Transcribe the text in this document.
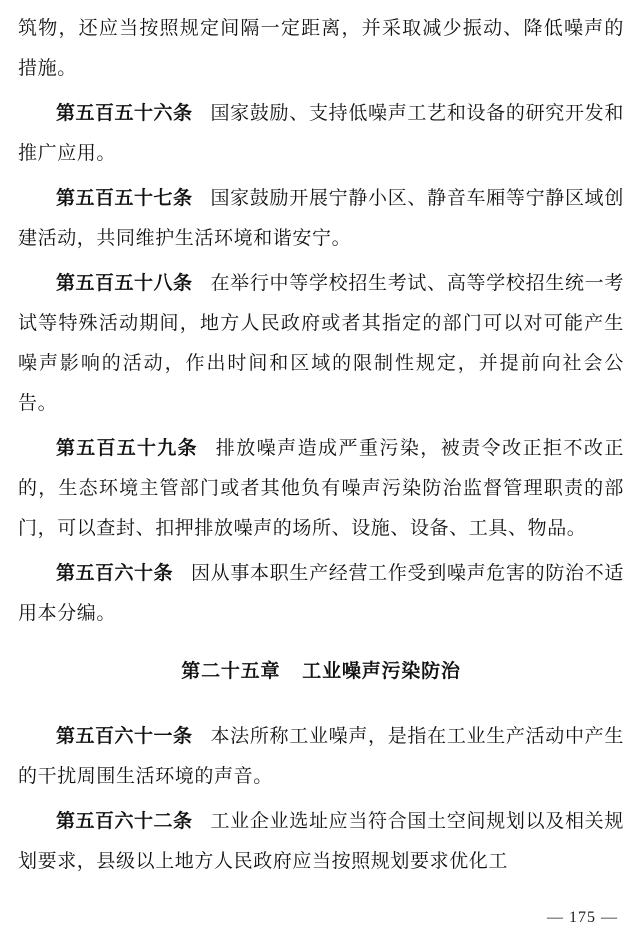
筑物，还应当按照规定间隔一定距离，并采取减少振动、降低噪声的措施。

第五百五十六条 国家鼓励、支持低噪声工艺和设备的研究开发和推广应用。

第五百五十七条 国家鼓励开展宁静小区、静音车厢等宁静区域创建活动，共同维护生活环境和谐安宁。

第五百五十八条 在举行中等学校招生考试、高等学校招生统一考试等特殊活动期间，地方人民政府或者其指定的部门可以对可能产生噪声影响的活动，作出时间和区域的限制性规定，并提前向社会公告。

第五百五十九条 排放噪声造成严重污染，被责令改正拒不改正的，生态环境主管部门或者其他负有噪声污染防治监督管理职责的部门，可以查封、扣押排放噪声的场所、设施、设备、工具、物品。

第五百六十条 因从事本职生产经营工作受到噪声危害的防治不适用本分编。

第二十五章 工业噪声污染防治

第五百六十一条 本法所称工业噪声，是指在工业生产活动中产生的干扰周围生活环境的声音。

第五百六十二条 工业企业选址应当符合国土空间规划以及相关规划要求，县级以上地方人民政府应当按照规划要求优化工

— 175 —
